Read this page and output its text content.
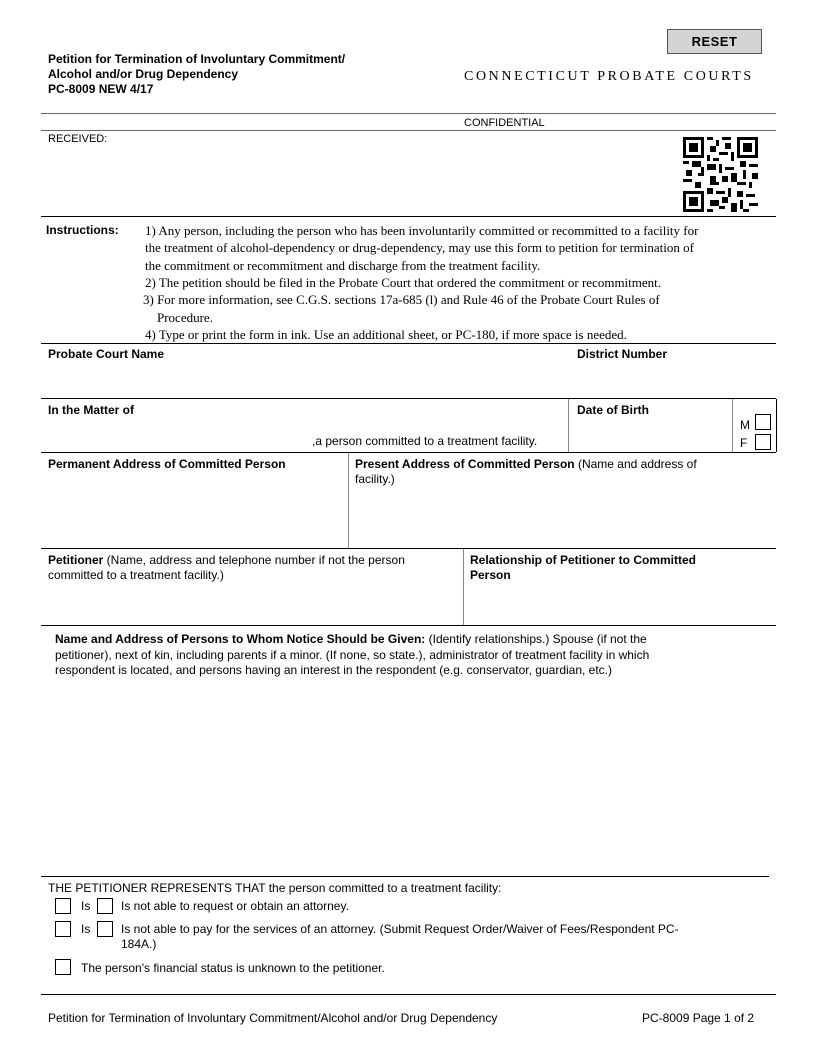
Petition for Termination of Involuntary Commitment/
Alcohol and/or Drug Dependency
PC-8009 NEW 4/17
CONNECTICUT PROBATE COURTS
RESET
CONFIDENTIAL
RECEIVED:
Instructions: 1) Any person, including the person who has been involuntarily committed or recommitted to a facility for
the treatment of alcohol-dependency or drug-dependency, may use this form to petition for termination of
the commitment or recommitment and discharge from the treatment facility.
2) The petition should be filed in the Probate Court that ordered the commitment or recommitment.
3) For more information, see C.G.S. sections 17a-685 (l) and Rule 46 of the Probate Court Rules of
Procedure.
4) Type or print the form in ink. Use an additional sheet, or PC-180, if more space is needed.
Probate Court Name	District Number
In the Matter of
,a person committed to a treatment facility.
Date of Birth
M
F
Permanent Address of Committed Person	Present Address of Committed Person (Name and address of
facility.)
Petitioner (Name, address and telephone number if not the person
committed to a treatment facility.)
Relationship of Petitioner to Committed
Person
Name and Address of Persons to Whom Notice Should be Given: (Identify relationships.) Spouse (if not the
petitioner), next of kin, including parents if a minor. (If none, so state.), administrator of treatment facility in which
respondent is located, and persons having an interest in the respondent (e.g. conservator, guardian, etc.)
THE PETITIONER REPRESENTS THAT the person committed to a treatment facility:
Is	Is not able to request or obtain an attorney.
Is	Is not able to pay for the services of an attorney. (Submit Request Order/Waiver of Fees/Respondent PC-
184A.)
The person's financial status is unknown to the petitioner.
Petition for Termination of Involuntary Commitment/Alcohol and/or Drug Dependency	PC-8009 Page 1 of 2
